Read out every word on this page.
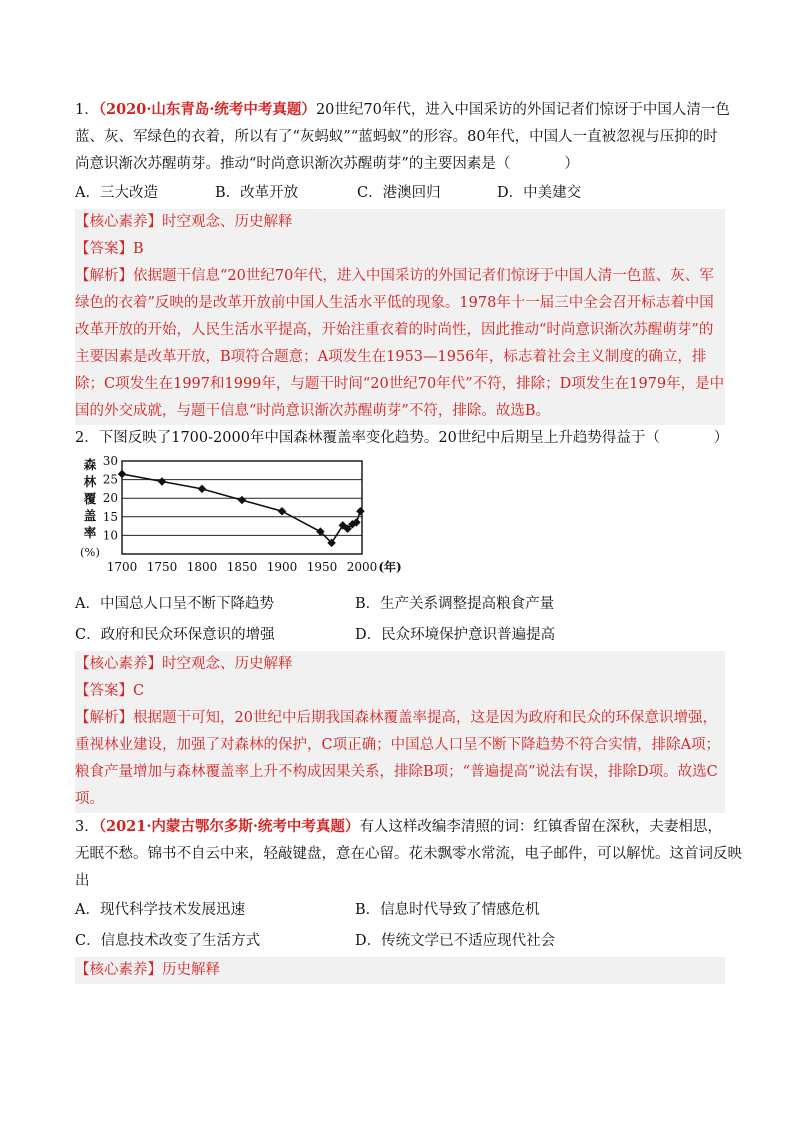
1．（2020·山东青岛·统考中考真题）20世纪70年代，进入中国采访的外国记者们惊讶于中国人清一色
蓝、灰、军绿色的衣着，所以有了“灰蚂蚁”“蓝蚂蚁”的形容。80年代，中国人一直被忽视与压抑的时
尚意识渐次苏醒萌芽。推动“时尚意识渐次苏醒萌芽”的主要因素是（	）
A．三大改造	B．改革开放	C．港澳回归	D．中美建交
【核心素养】时空观念、历史解释
【答案】B
【解析】依据题干信息“20世纪70年代，进入中国采访的外国记者们惊讶于中国人清一色蓝、灰、军绿色的衣着”反映的是改革开放前中国人生活水平低的现象。1978年十一届三中全会召开标志着中国改革开放的开始，人民生活水平提高，开始注重衣着的时尚性，因此推动“时尚意识渐次苏醒萌芽”的主要因素是改革开放，B项符合题意；A项发生在1953—1956年，标志着社会主义制度的确立，排除；C项发生在1997和1999年，与题干时间“20世纪70年代”不符，排除；D项发生在1979年，是中国的外交成就，与题干信息“时尚意识渐次苏醒萌芽”不符，排除。故选B。
2．下图反映了1700-2000年中国森林覆盖率变化趋势。20世纪中后期呈上升趋势得益于（	）
10
15
20
25
30
1700 1750 1800 1850 1900 1950 2000 (年)
森
林
覆
盖
率
(%)
A．中国总人口呈不断下降趋势	B．生产关系调整提高粮食产量
C．政府和民众环保意识的增强	D．民众环境保护意识普遍提高
【核心素养】时空观念、历史解释
【答案】C
【解析】根据题干可知，20世纪中后期我国森林覆盖率提高，这是因为政府和民众的环保意识增强，重视林业建设，加强了对森林的保护，C项正确；中国总人口呈不断下降趋势不符合实情，排除A项；粮食产量增加与森林覆盖率上升不构成因果关系，排除B项；“普遍提高”说法有误，排除D项。故选C项。
3．（2021·内蒙古鄂尔多斯·统考中考真题）有人这样改编李清照的词：红镇香留在深秋，夫妻相思，
无眠不愁。锦书不自云中来，轻敲键盘，意在心留。花未飘零水常流，电子邮件，可以解忧。这首词反映
出
A．现代科学技术发展迅速	B．信息时代导致了情感危机
C．信息技术改变了生活方式	D．传统文学已不适应现代社会
【核心素养】历史解释
